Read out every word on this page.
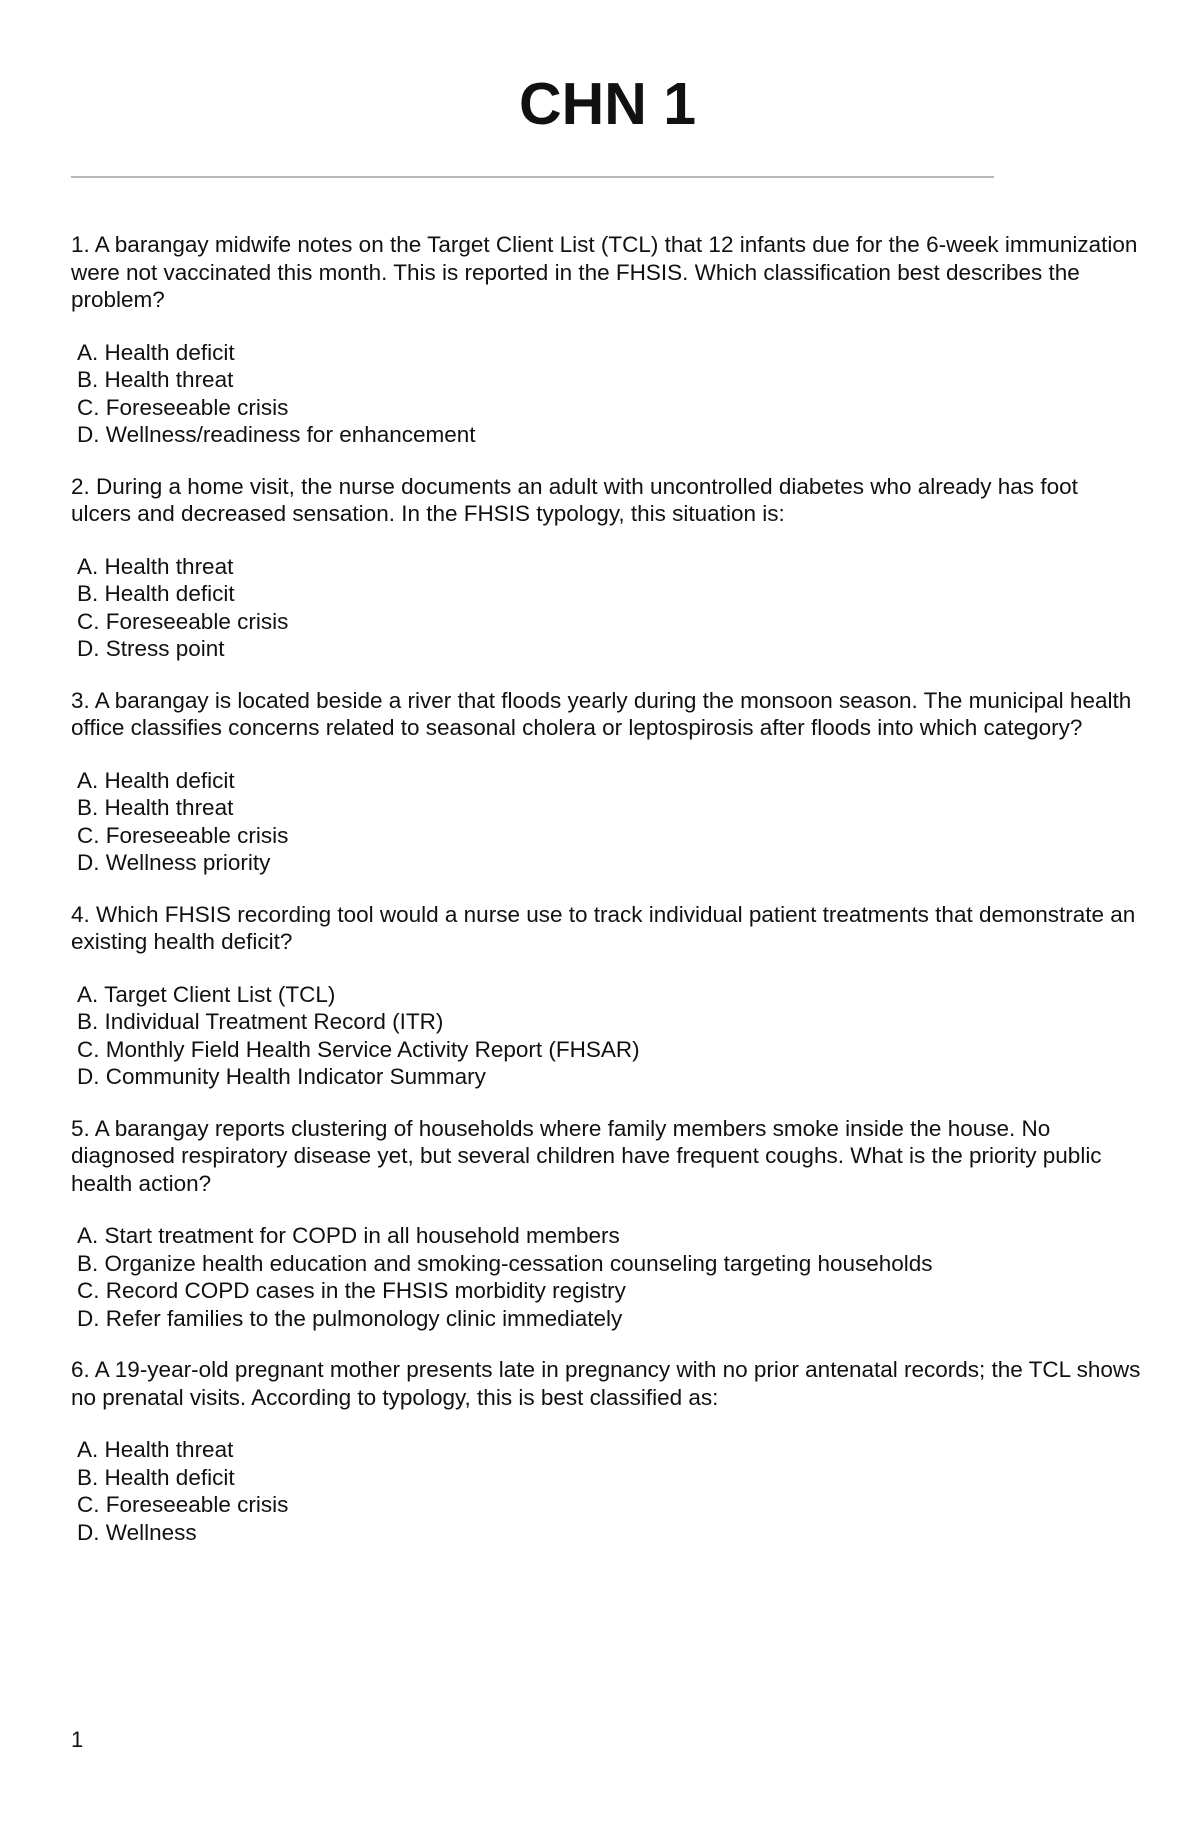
CHN 1

1. A barangay midwife notes on the Target Client List (TCL) that 12 infants due for the 6-week immunization were not vaccinated this month. This is reported in the FHSIS. Which classification best describes the problem?

A. Health deficit
B. Health threat
C. Foreseeable crisis
D. Wellness/readiness for enhancement

2. During a home visit, the nurse documents an adult with uncontrolled diabetes who already has foot ulcers and decreased sensation. In the FHSIS typology, this situation is:

A. Health threat
B. Health deficit
C. Foreseeable crisis
D. Stress point

3. A barangay is located beside a river that floods yearly during the monsoon season. The municipal health office classifies concerns related to seasonal cholera or leptospirosis after floods into which category?

A. Health deficit
B. Health threat
C. Foreseeable crisis
D. Wellness priority

4. Which FHSIS recording tool would a nurse use to track individual patient treatments that demonstrate an existing health deficit?

A. Target Client List (TCL)
B. Individual Treatment Record (ITR)
C. Monthly Field Health Service Activity Report (FHSAR)
D. Community Health Indicator Summary

5. A barangay reports clustering of households where family members smoke inside the house. No diagnosed respiratory disease yet, but several children have frequent coughs. What is the priority public health action?

A. Start treatment for COPD in all household members
B. Organize health education and smoking-cessation counseling targeting households
C. Record COPD cases in the FHSIS morbidity registry
D. Refer families to the pulmonology clinic immediately

6. A 19-year-old pregnant mother presents late in pregnancy with no prior antenatal records; the TCL shows no prenatal visits. According to typology, this is best classified as:

A. Health threat
B. Health deficit
C. Foreseeable crisis
D. Wellness
1
